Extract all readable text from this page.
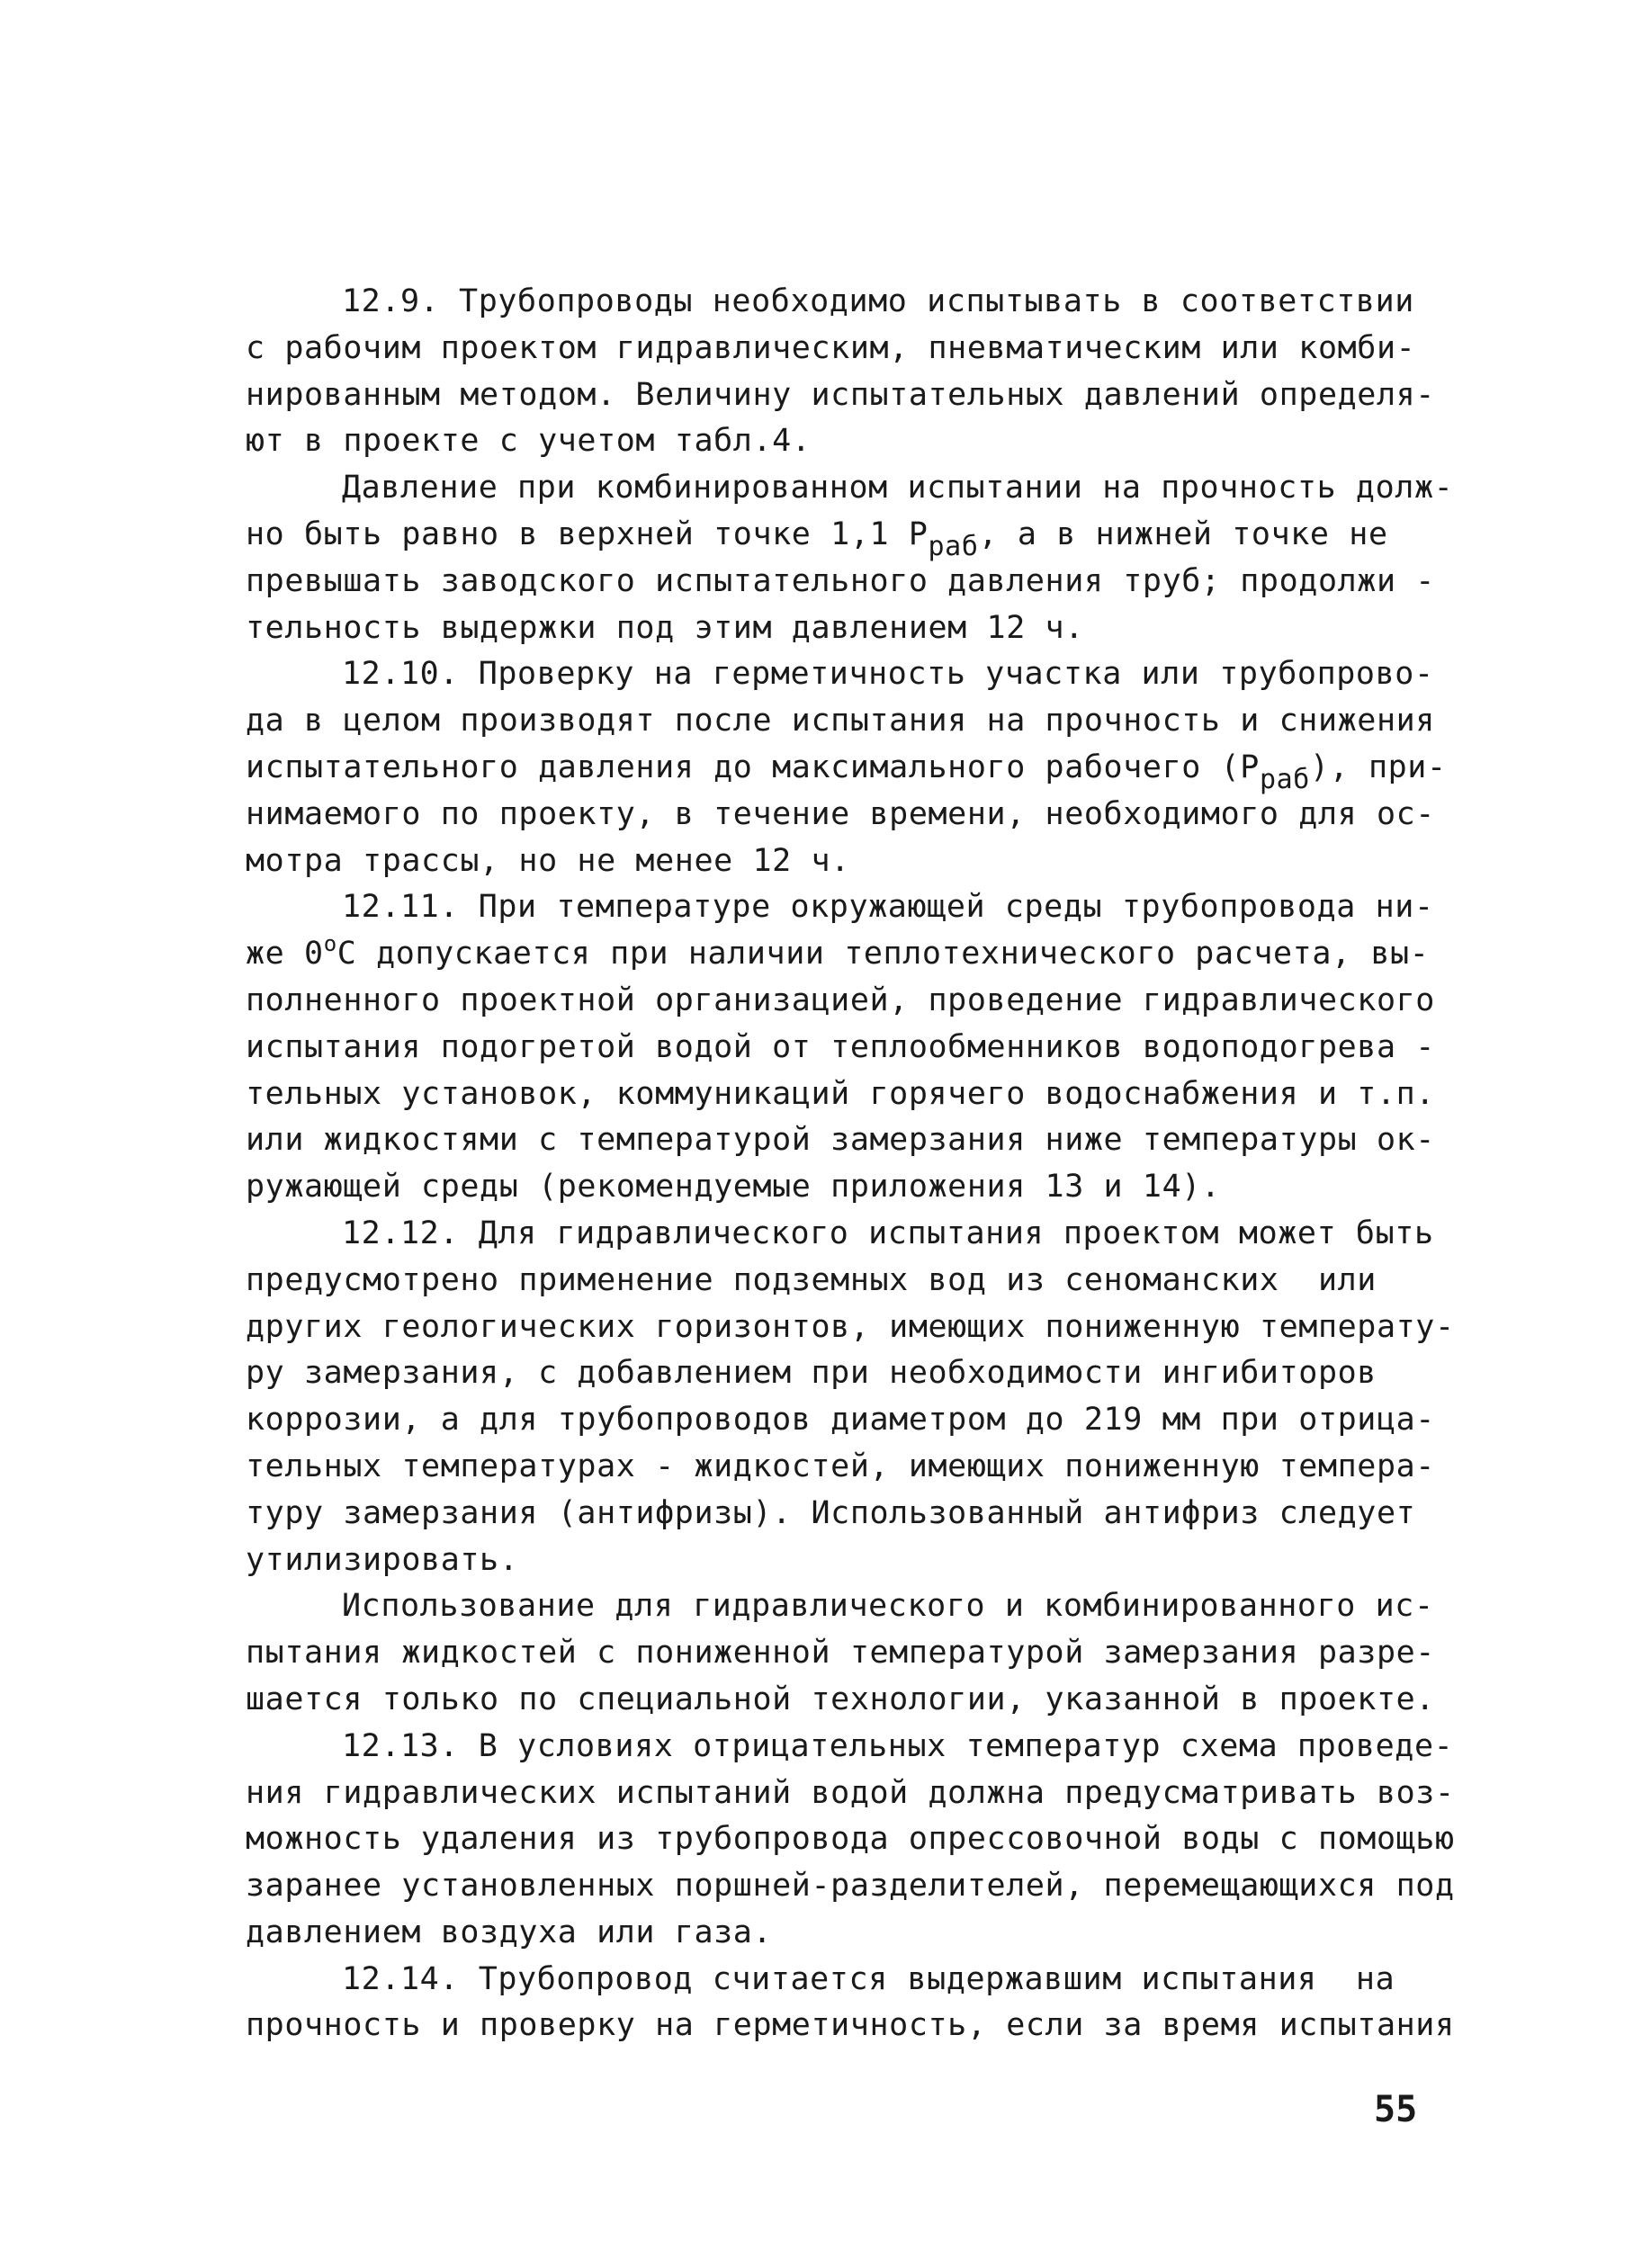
12.9. Трубопроводы необходимо испытывать в соответствии
с рабочим проектом гидравлическим, пневматическим или комби-
нированным методом. Величину испытательных давлений определя-
ют в проекте с учетом табл.4.
Давление при комбинированном испытании на прочность долж-
но быть равно в верхней точке 1,1 Рраб, а в нижней точке не
превышать заводского испытательного давления труб; продолжи -
тельность выдержки под этим давлением 12 ч.
12.10. Проверку на герметичность участка или трубопрово-
да в целом производят после испытания на прочность и снижения
испытательного давления до максимального рабочего (Рраб), при-
нимаемого по проекту, в течение времени, необходимого для ос-
мотра трассы, но не менее 12 ч.
12.11. При температуре окружающей среды трубопровода ни-
же $0^оС$ допускается при наличии теплотехнического расчета, вы-
полненного проектной организацией, проведение гидравлического
испытания подогретой водой от теплообменников водоподогрева -
тельных установок, коммуникаций горячего водоснабжения и т.п.
или жидкостями с температурой замерзания ниже температуры ок-
ружающей среды (рекомендуемые приложения 13 и 14).
12.12. Для гидравлического испытания проектом может быть
предусмотрено применение подземных вод из сеноманских  или
других геологических горизонтов, имеющих пониженную температу-
ру замерзания, с добавлением при необходимости ингибиторов
коррозии, а для трубопроводов диаметром до 219 мм при отрица-
тельных температурах - жидкостей, имеющих пониженную темпера-
туру замерзания (антифризы). Использованный антифриз следует
утилизировать.
Использование для гидравлического и комбинированного ис-
пытания жидкостей с пониженной температурой замерзания разре-
шается только по специальной технологии, указанной в проекте.
12.13. В условиях отрицательных температур схема проведе-
ния гидравлических испытаний водой должна предусматривать воз-
можность удаления из трубопровода опрессовочной воды с помощью
заранее установленных поршней-разделителей, перемещающихся под
давлением воздуха или газа.
12.14. Трубопровод считается выдержавшим испытания  на
прочность и проверку на герметичность, если за время испытания
55
